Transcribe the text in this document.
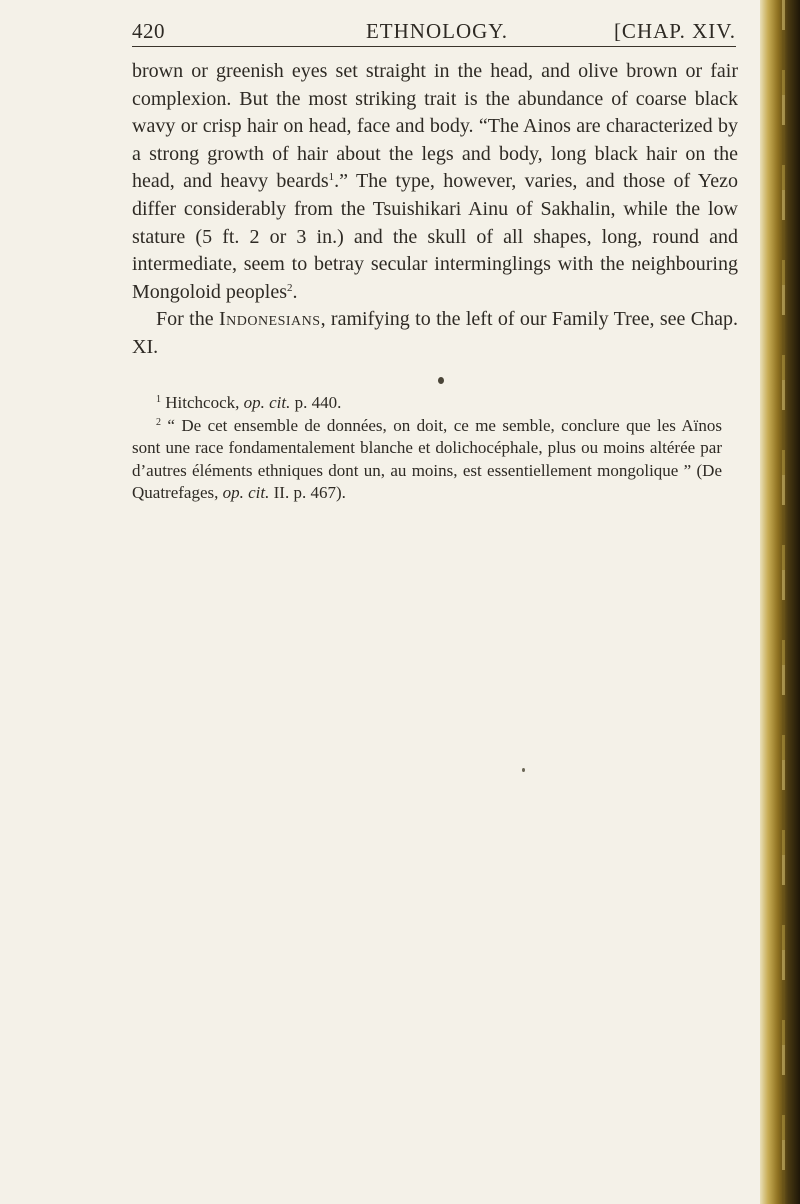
420	ETHNOLOGY.	[CHAP. XIV.

brown or greenish eyes set straight in the head, and olive brown or fair complexion. But the most striking trait is the abundance of coarse black wavy or crisp hair on head, face and body. “The Ainos are characterized by a strong growth of hair about the legs and body, long black hair on the head, and heavy beards$^1$.” The type, however, varies, and those of Yezo differ considerably from the Tsuishikari Ainu of Sakhalin, while the low stature (5 ft. 2 or 3 in.) and the skull of all shapes, long, round and intermediate, seem to betray secular interminglings with the neighbouring Mongoloid peoples$^2$.

For the Indonesians, ramifying to the left of our Family Tree, see Chap. XI.

$^1$ Hitchcock, op. cit. p. 440.

$^2$ “ De cet ensemble de données, on doit, ce me semble, conclure que les Aïnos sont une race fondamentalement blanche et dolichocéphale, plus ou moins altérée par d’autres éléments ethniques dont un, au moins, est essentiellement mongolique ” (De Quatrefages, op. cit. II. p. 467).
